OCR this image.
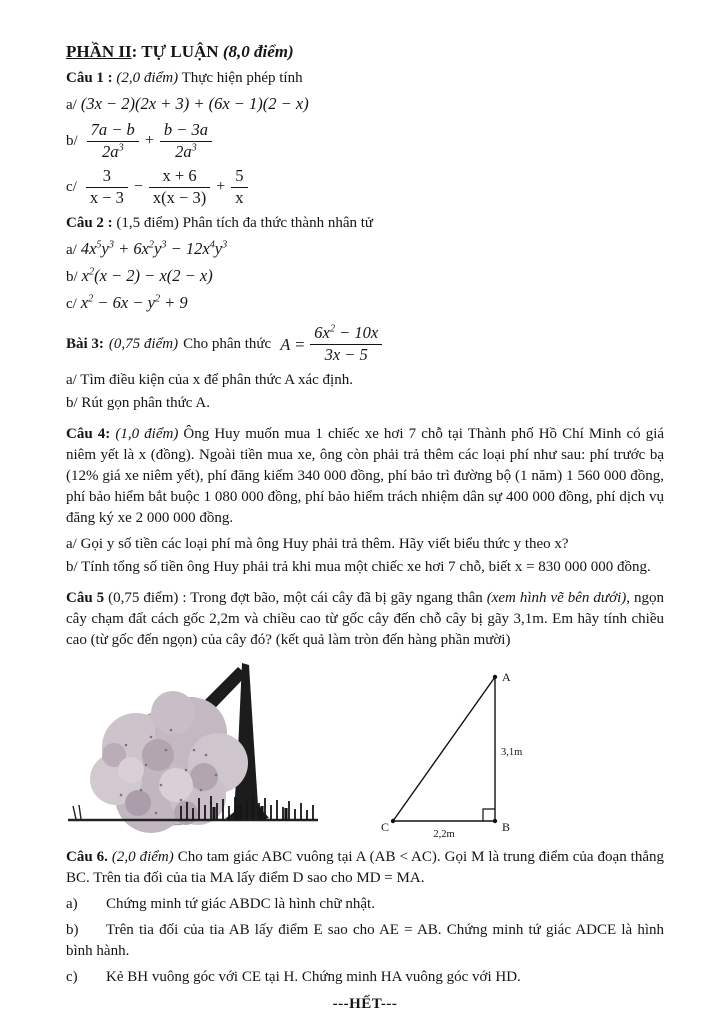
PHẦN II: TỰ LUẬN (8,0 điểm)

Câu 1 : (2,0 điểm) Thực hiện phép tính

a/ (3x − 2)(2x + 3) + (6x − 1)(2 − x)

$b/ \frac{7a - b}{2a^3} + \frac{b - 3a}{2a^3}$
$c/ \frac{3}{x - 3} - \frac{x + 6}{x(x - 3)} + \frac{5}{x}$

Câu 2 : (1,5 điểm) Phân tích đa thức thành nhân tử

a/ $4x^5y^3 + 6x^2y^3 - 12x^4y^3$

b/ $x^2(x - 2) - x(2 - x)$

c/ $x^2 - 6x - y^2 + 9$

Bài 3: (0,75 điểm) Cho phân thức $A = \frac{6x^2 - 10x}{3x - 5}$

a/ Tìm điều kiện của x để phân thức A xác định.

b/ Rút gọn phân thức A.

Câu 4: (1,0 điểm) Ông Huy muốn mua 1 chiếc xe hơi 7 chỗ tại Thành phố Hồ Chí Minh có giá niêm yết là x (đồng). Ngoài tiền mua xe, ông còn phải trả thêm các loại phí như sau: phí trước bạ (12% giá xe niêm yết), phí đăng kiểm 340 000 đồng, phí bảo trì đường bộ (1 năm) 1 560 000 đồng, phí bảo hiểm bắt buộc 1 080 000 đồng, phí bảo hiểm trách nhiệm dân sự 400 000 đồng, phí dịch vụ đăng ký xe 2 000 000 đồng.

a/ Gọi y số tiền các loại phí mà ông Huy phải trả thêm. Hãy viết biểu thức y theo x?

b/ Tính tổng số tiền ông Huy phải trả khi mua một chiếc xe hơi 7 chỗ, biết x = 830 000 000 đồng.

Câu 5 (0,75 điểm) : Trong đợt bão, một cái cây đã bị gãy ngang thân (xem hình vẽ bên dưới), ngọn cây chạm đất cách gốc 2,2m và chiều cao từ gốc cây đến chỗ cây bị gãy 3,1m. Em hãy tính chiều cao (từ gốc đến ngọn) của cây đó? (kết quả làm tròn đến hàng phần mười)

A
B
C
3,1m
2,2m

Câu 6. (2,0 điểm) Cho tam giác ABC vuông tại A (AB < AC). Gọi M là trung điểm của đoạn thẳng BC. Trên tia đối của tia MA lấy điểm D sao cho MD = MA.

a) Chứng minh tứ giác ABDC là hình chữ nhật.

b) Trên tia đối của tia AB lấy điểm E sao cho AE = AB. Chứng minh tứ giác ADCE là hình bình hành.

c) Kẻ BH vuông góc với CE tại H. Chứng minh HA vuông góc với HD.

---HẾT---
